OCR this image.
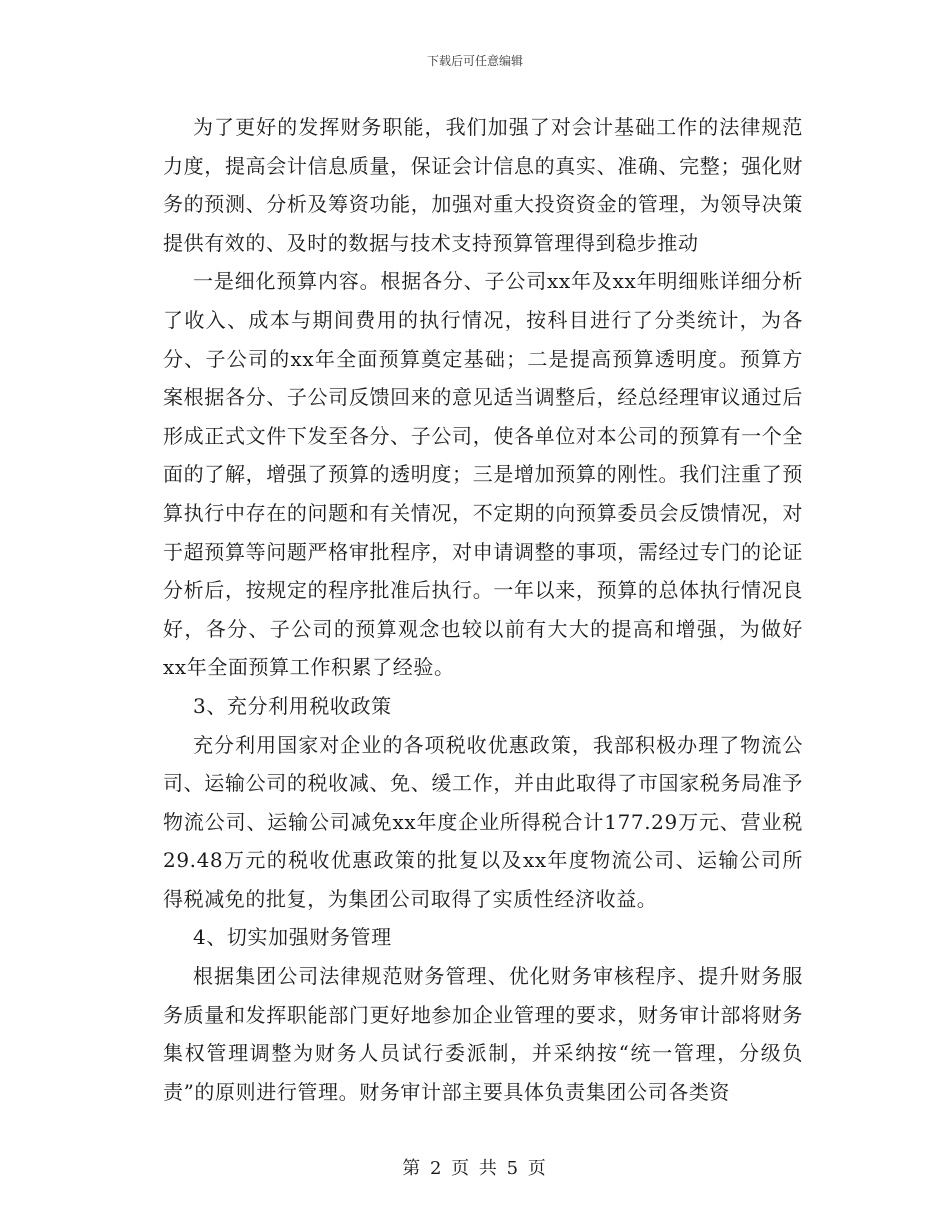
下载后可任意编辑

为了更好的发挥财务职能，我们加强了对会计基础工作的法律规范力度，提高会计信息质量，保证会计信息的真实、准确、完整；强化财务的预测、分析及筹资功能，加强对重大投资资金的管理，为领导决策提供有效的、及时的数据与技术支持预算管理得到稳步推动

一是细化预算内容。根据各分、子公司xx年及xx年明细账详细分析了收入、成本与期间费用的执行情况，按科目进行了分类统计，为各分、子公司的xx年全面预算奠定基础；二是提高预算透明度。预算方案根据各分、子公司反馈回来的意见适当调整后，经总经理审议通过后形成正式文件下发至各分、子公司，使各单位对本公司的预算有一个全面的了解，增强了预算的透明度；三是增加预算的刚性。我们注重了预算执行中存在的问题和有关情况，不定期的向预算委员会反馈情况，对于超预算等问题严格审批程序，对申请调整的事项，需经过专门的论证分析后，按规定的程序批准后执行。一年以来，预算的总体执行情况良好，各分、子公司的预算观念也较以前有大大的提高和增强，为做好xx年全面预算工作积累了经验。

3、充分利用税收政策

充分利用国家对企业的各项税收优惠政策，我部积极办理了物流公司、运输公司的税收减、免、缓工作，并由此取得了市国家税务局准予物流公司、运输公司减免xx年度企业所得税合计177.29万元、营业税29.48万元的税收优惠政策的批复以及xx年度物流公司、运输公司所得税减免的批复，为集团公司取得了实质性经济收益。

4、切实加强财务管理

根据集团公司法律规范财务管理、优化财务审核程序、提升财务服务质量和发挥职能部门更好地参加企业管理的要求，财务审计部将财务集权管理调整为财务人员试行委派制，并采纳按“统一管理，分级负责”的原则进行管理。财务审计部主要具体负责集团公司各类资

第 2 页 共 5 页
